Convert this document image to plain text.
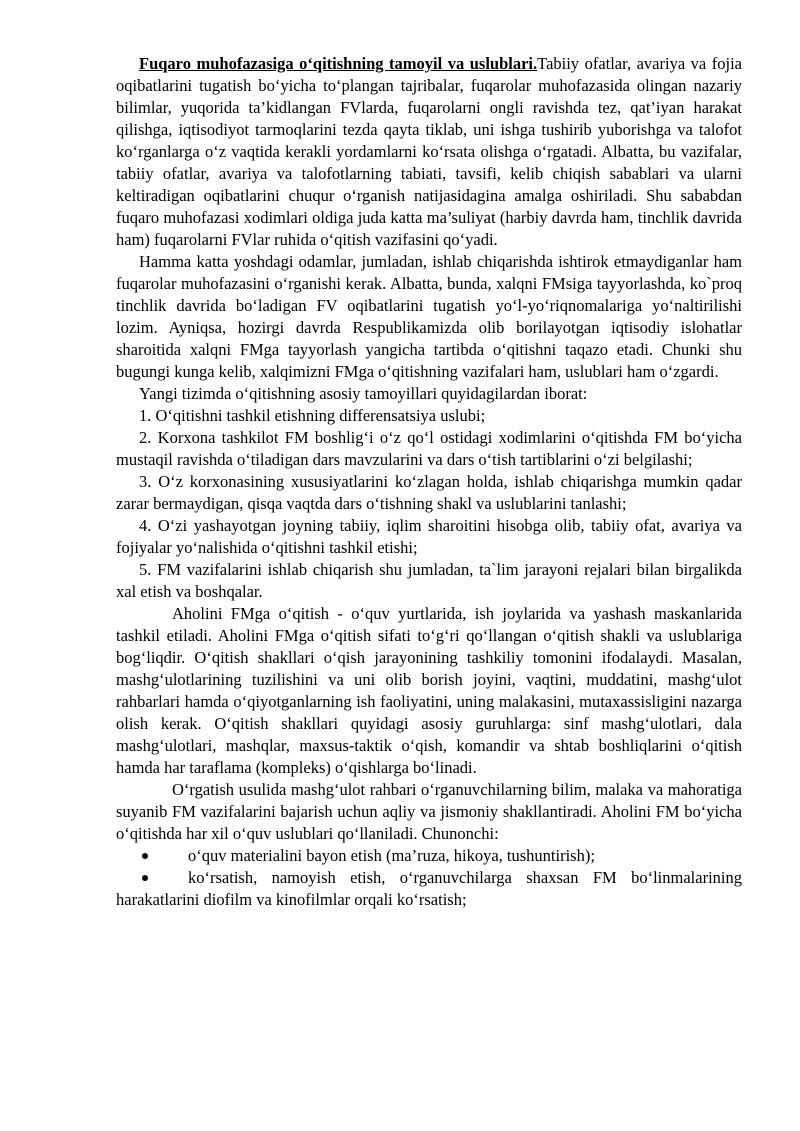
Fuqaro muhofazasiga o‘qitishning tamoyil va uslublari.Tabiiy ofatlar, avariya va fojia oqibatlarini tugatish bo‘yicha to‘plangan tajribalar, fuqarolar muhofazasida olingan nazariy bilimlar, yuqorida ta’kidlangan FVlarda, fuqarolarni ongli ravishda tez, qat’iyan harakat qilishga, iqtisodiyot tarmoqlarini tezda qayta tiklab, uni ishga tushirib yuborishga va talofot ko‘rganlarga o‘z vaqtida kerakli yordamlarni ko‘rsata olishga o‘rgatadi. Albatta, bu vazifalar, tabiiy ofatlar, avariya va talofotlarning tabiati, tavsifi, kelib chiqish sabablari va ularni keltiradigan oqibatlarini chuqur o‘rganish natijasidagina amalga oshiriladi. Shu sababdan fuqaro muhofazasi xodimlari oldiga juda katta ma’suliyat (harbiy davrda ham, tinchlik davrida ham) fuqarolarni FVlar ruhida o‘qitish vazifasini qo‘yadi.

Hamma katta yoshdagi odamlar, jumladan, ishlab chiqarishda ishtirok etmaydiganlar ham fuqarolar muhofazasini o‘rganishi kerak. Albatta, bunda, xalqni FMsiga tayyorlashda, ko`proq tinchlik davrida bo‘ladigan FV oqibatlarini tugatish yo‘l-yo‘riqnomalariga yo‘naltirilishi lozim. Ayniqsa, hozirgi davrda Respublikamizda olib borilayotgan iqtisodiy islohatlar sharoitida xalqni FMga tayyorlash yangicha tartibda o‘qitishni taqazo etadi. Chunki shu bugungi kunga kelib, xalqimizni FMga o‘qitishning vazifalari ham, uslublari ham o‘zgardi.

Yangi tizimda o‘qitishning asosiy tamoyillari quyidagilardan iborat:

1. O‘qitishni tashkil etishning differensatsiya uslubi;

2. Korxona tashkilot FM boshlig‘i o‘z qo‘l ostidagi xodimlarini o‘qitishda FM bo‘yicha mustaqil ravishda o‘tiladigan dars mavzularini va dars o‘tish tartiblarini o‘zi belgilashi;

3. O‘z korxonasining xususiyatlarini ko‘zlagan holda, ishlab chiqarishga mumkin qadar zarar bermaydigan, qisqa vaqtda dars o‘tishning shakl va uslublarini tanlashi;

4. O‘zi yashayotgan joyning tabiiy, iqlim sharoitini hisobga olib, tabiiy ofat, avariya va fojiyalar yo‘nalishida o‘qitishni tashkil etishi;

5. FM vazifalarini ishlab chiqarish shu jumladan, ta`lim jarayoni rejalari bilan birgalikda xal etish va boshqalar.

Aholini FMga o‘qitish - o‘quv yurtlarida, ish joylarida va yashash maskanlarida tashkil etiladi. Aholini FMga o‘qitish sifati to‘g‘ri qo‘llangan o‘qitish shakli va uslublariga bog‘liqdir. O‘qitish shakllari o‘qish jarayonining tashkiliy tomonini ifodalaydi. Masalan, mashg‘ulotlarining tuzilishini va uni olib borish joyini, vaqtini, muddatini, mashg‘ulot rahbarlari hamda o‘qiyotganlarning ish faoliyatini, uning malakasini, mutaxassisligini nazarga olish kerak. O‘qitish shakllari quyidagi asosiy guruhlarga: sinf mashg‘ulotlari, dala mashg‘ulotlari, mashqlar, maxsus-taktik o‘qish, komandir va shtab boshliqlarini o‘qitish hamda har taraflama (kompleks) o‘qishlarga bo‘linadi.

O‘rgatish usulida mashg‘ulot rahbari o‘rganuvchilarning bilim, malaka va mahoratiga suyanib FM vazifalarini bajarish uchun aqliy va jismoniy shakllantiradi. Aholini FM bo‘yicha o‘qitishda har xil o‘quv uslublari qo‘llaniladi. Chunonchi:

o‘quv materialini bayon etish (ma’ruza, hikoya, tushuntirish);
ko‘rsatish, namoyish etish, o‘rganuvchilarga shaxsan FM bo‘linmalarining harakatlarini diofilm va kinofilmlar orqali ko‘rsatish;
